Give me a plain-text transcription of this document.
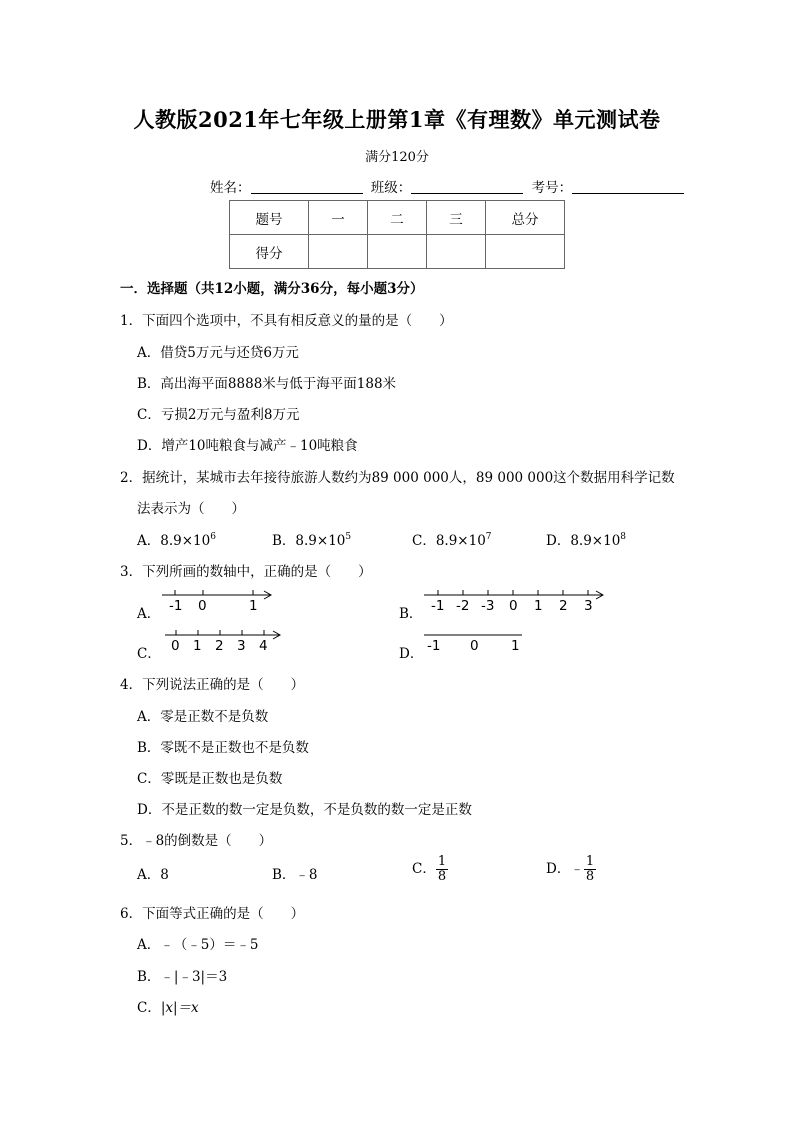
人教版2021年七年级上册第1章《有理数》单元测试卷
满分120分
姓名：	班级：	考号：
题号	一	二	三	总分
得分				
一．选择题（共12小题，满分36分，每小题3分）
1．下面四个选项中，不具有相反意义的量的是（　　）
A．借贷5万元与还贷6万元
B．高出海平面8888米与低于海平面188米
C．亏损2万元与盈利8万元
D．增产10吨粮食与减产﹣10吨粮食
2．据统计，某城市去年接待旅游人数约为89 000 000人，89 000 000这个数据用科学记数
法表示为（　　）
A．$8.9\times 10^6$	B．$8.9\times 10^5$	C．$8.9\times 10^7$	D．$8.9\times 10^8$
3．下列所画的数轴中，正确的是（　　）
A． -1 0	1	B． -1 -2 -3 0 1 2 3
C． 0 1 2 3 4	D． -1 0 1
4．下列说法正确的是（　　）
A．零是正数不是负数
B．零既不是正数也不是负数
C．零既是正数也是负数
D．不是正数的数一定是负数，不是负数的数一定是正数
5．﹣8的倒数是（　　）
A．8	B．﹣8	C． $\frac{1}{8}$	D．﹣ $\frac{1}{8}$
6．下面等式正确的是（　　）
A．﹣（﹣5）＝﹣5
B．﹣|﹣3|＝3
C．|x|＝x
